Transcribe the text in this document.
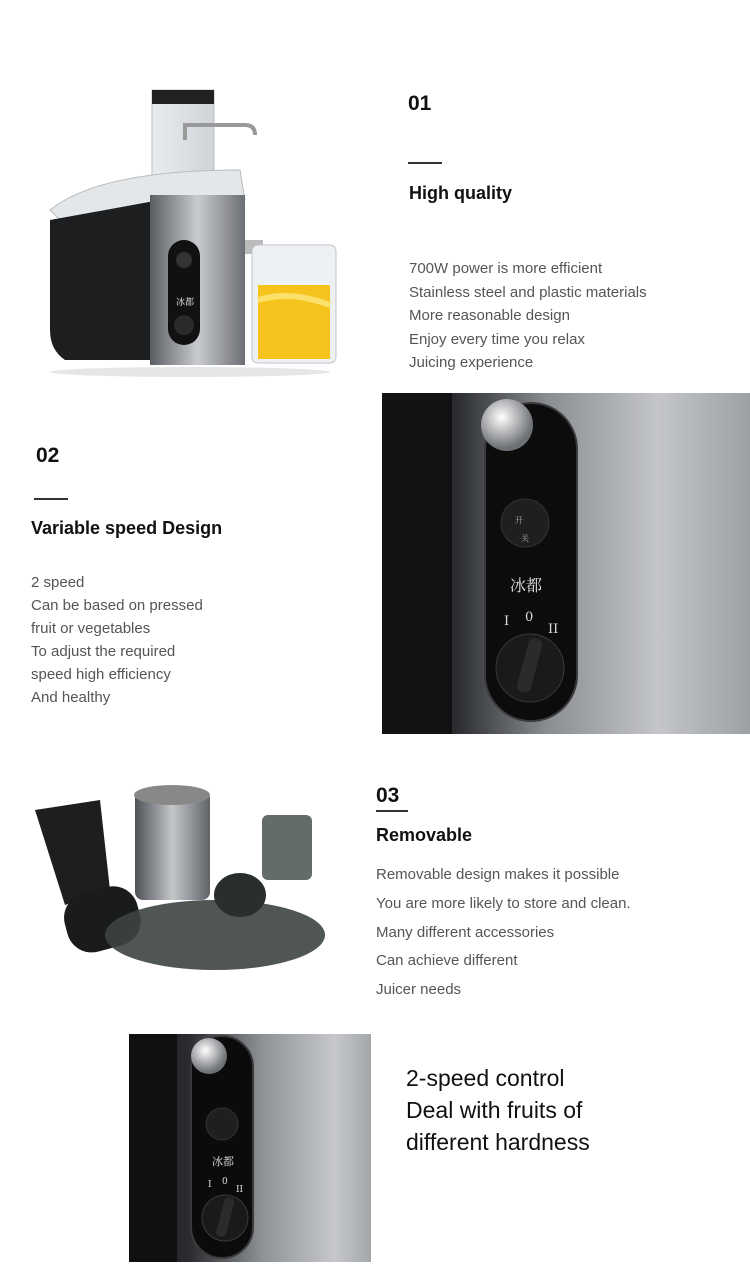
冰都
01
High quality
700W power is more efficient
Stainless steel and plastic materials
More reasonable design
Enjoy every time you relax
Juicing experience
02
Variable speed Design
2 speed
Can be based on pressed
fruit or vegetables
To adjust the required
speed high efficiency
And healthy
开
关
冰都
I 0
II
03
Removable
Removable design makes it possible
You are more likely to store and clean.
Many different accessories
Can achieve different
Juicer needs
冰都
I 0
II
2-speed control
Deal with fruits of
different hardness
